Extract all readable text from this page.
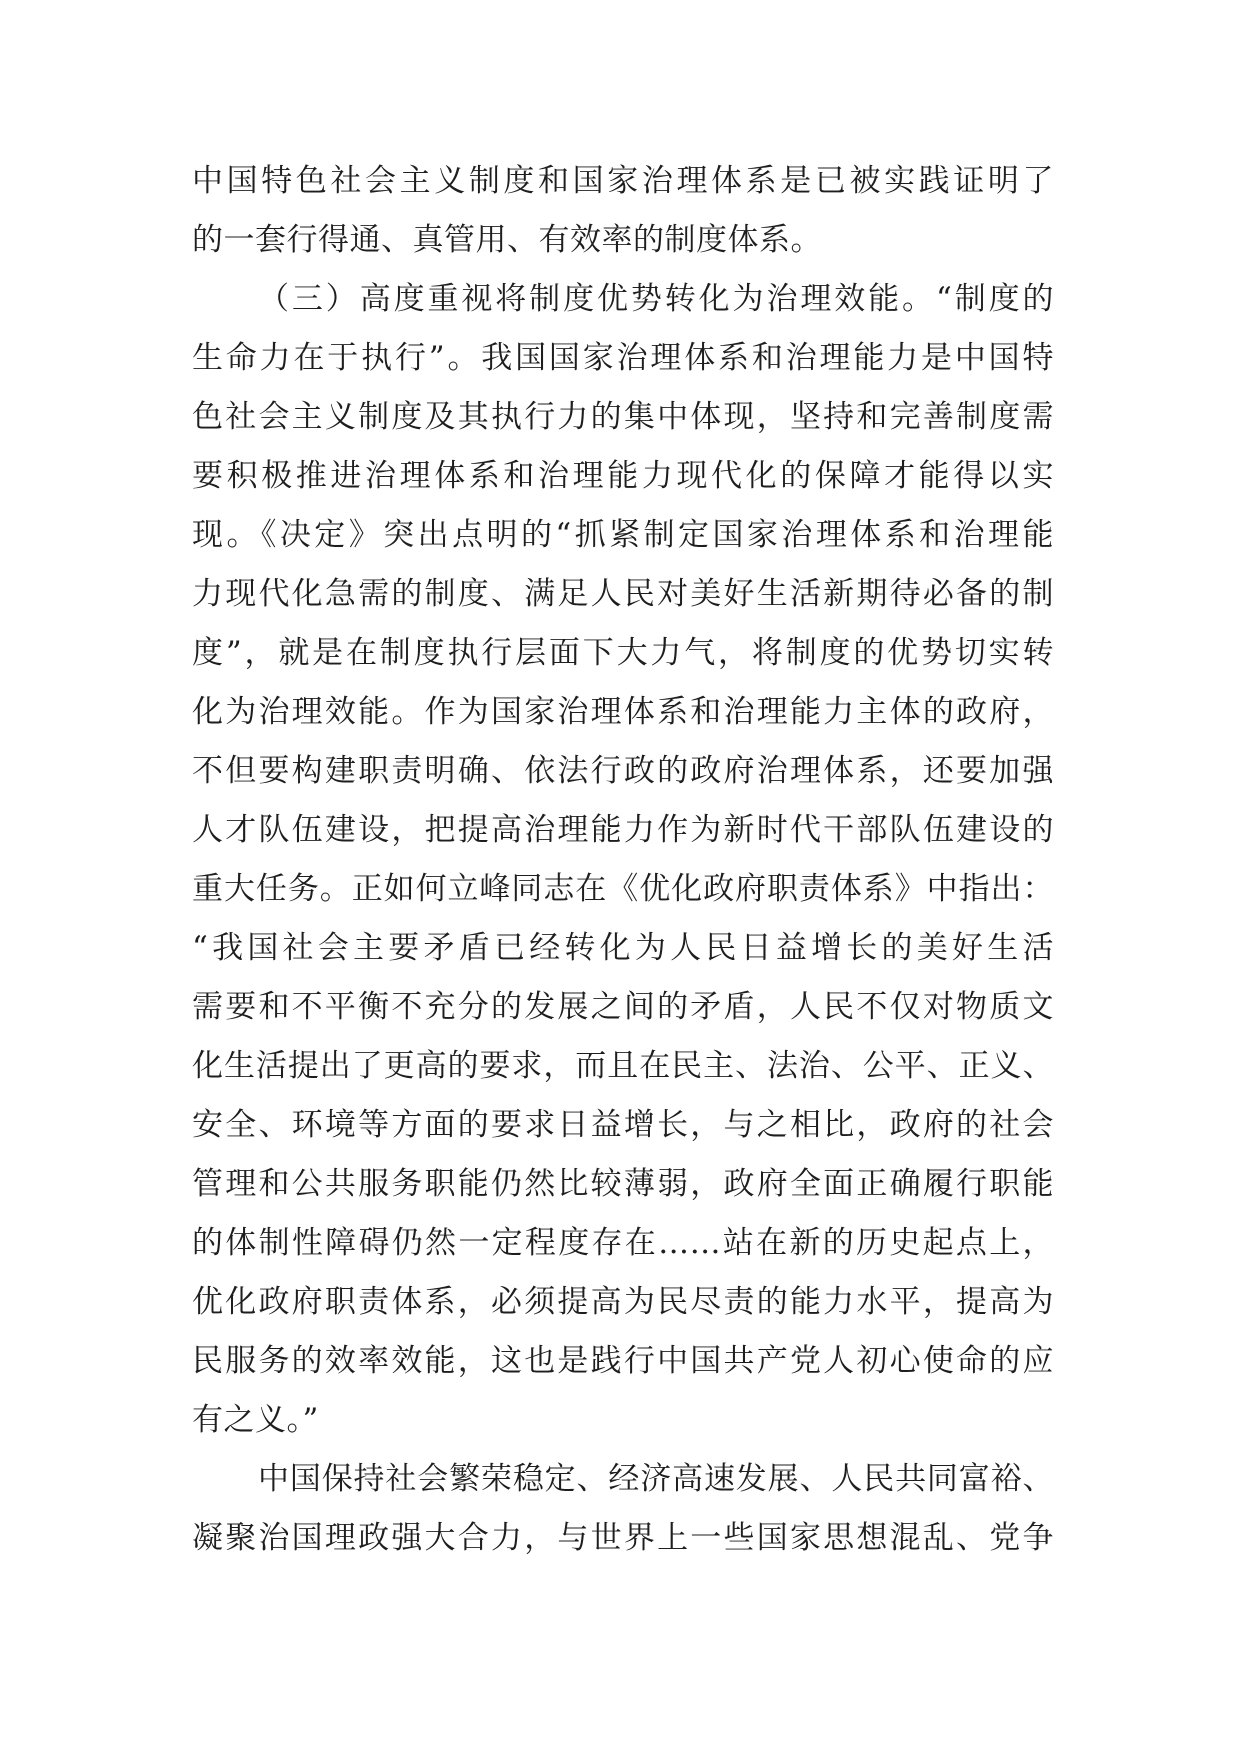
中国特色社会主义制度和国家治理体系是已被实践证明了
的一套行得通、真管用、有效率的制度体系。
（三）高度重视将制度优势转化为治理效能。“制度的
生命力在于执行”。我国国家治理体系和治理能力是中国特
色社会主义制度及其执行力的集中体现，坚持和完善制度需
要积极推进治理体系和治理能力现代化的保障才能得以实
现。《决定》突出点明的“抓紧制定国家治理体系和治理能
力现代化急需的制度、满足人民对美好生活新期待必备的制
度”，就是在制度执行层面下大力气，将制度的优势切实转
化为治理效能。作为国家治理体系和治理能力主体的政府，
不但要构建职责明确、依法行政的政府治理体系，还要加强
人才队伍建设，把提高治理能力作为新时代干部队伍建设的
重大任务。正如何立峰同志在《优化政府职责体系》中指出：
“我国社会主要矛盾已经转化为人民日益增长的美好生活
需要和不平衡不充分的发展之间的矛盾，人民不仅对物质文
化生活提出了更高的要求，而且在民主、法治、公平、正义、
安全、环境等方面的要求日益增长，与之相比，政府的社会
管理和公共服务职能仍然比较薄弱，政府全面正确履行职能
的体制性障碍仍然一定程度存在……站在新的历史起点上，
优化政府职责体系，必须提高为民尽责的能力水平，提高为
民服务的效率效能，这也是践行中国共产党人初心使命的应
有之义。”
中国保持社会繁荣稳定、经济高速发展、人民共同富裕、
凝聚治国理政强大合力，与世界上一些国家思想混乱、党争
